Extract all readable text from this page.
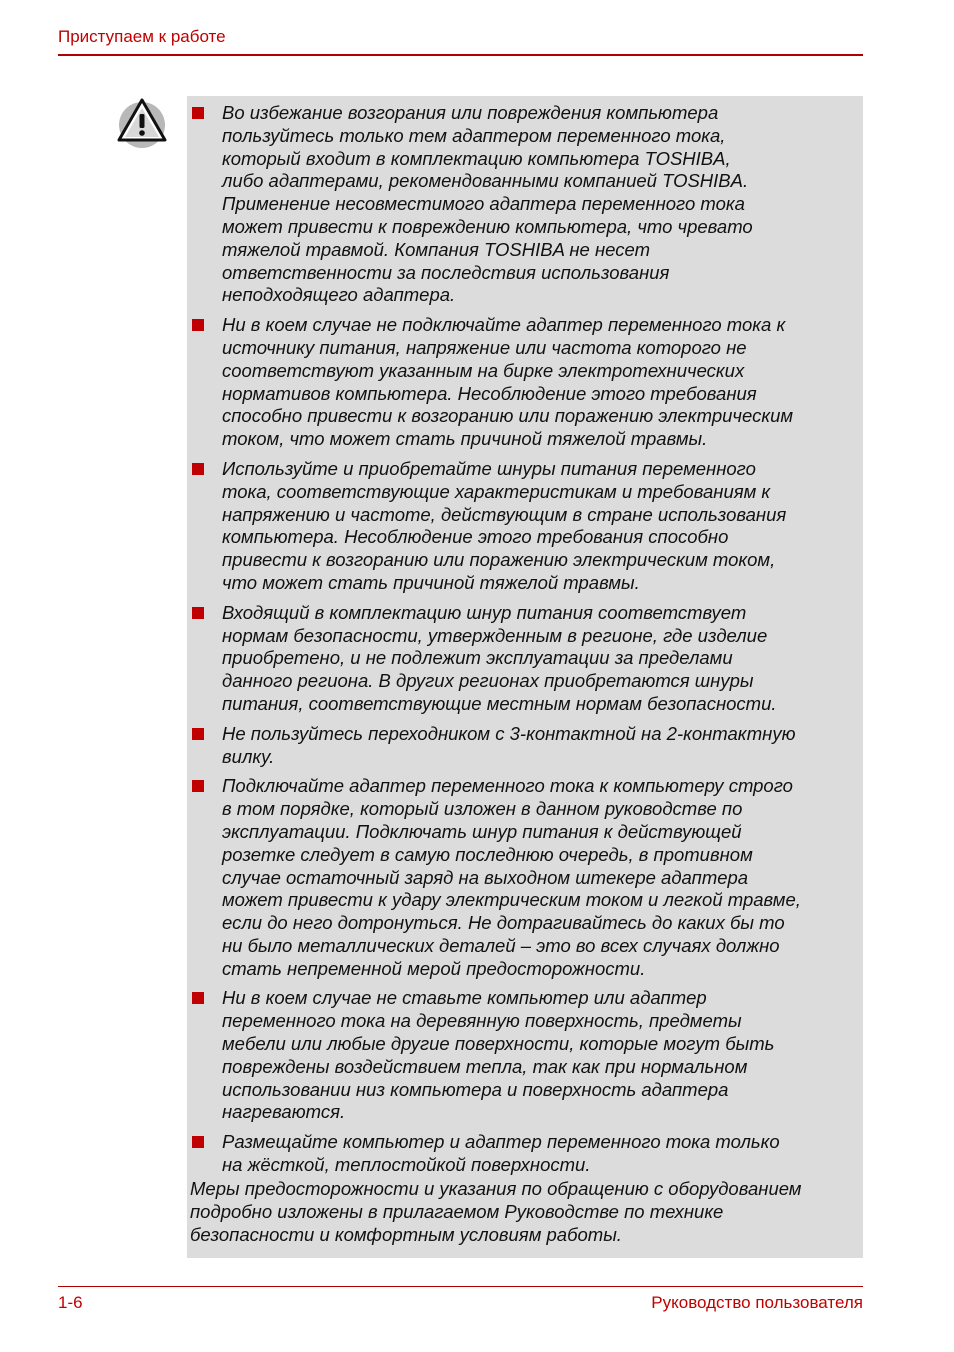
Приступаем к работе
Во избежание возгорания или повреждения компьютера
пользуйтесь только тем адаптером переменного тока,
который входит в комплектацию компьютера TOSHIBA,
либо адаптерами, рекомендованными компанией TOSHIBA.
Применение несовместимого адаптера переменного тока
может привести к повреждению компьютера, что чревато
тяжелой травмой. Компания TOSHIBA не несет
ответственности за последствия использования
неподходящего адаптера.
Ни в коем случае не подключайте адаптер переменного тока к
источнику питания, напряжение или частота которого не
соответствуют указанным на бирке электротехнических
нормативов компьютера. Несоблюдение этого требования
способно привести к возгоранию или поражению электрическим
током, что может стать причиной тяжелой травмы.
Используйте и приобретайте шнуры питания переменного
тока, соответствующие характеристикам и требованиям к
напряжению и частоте, действующим в стране использования
компьютера. Несоблюдение этого требования способно
привести к возгоранию или поражению электрическим током,
что может стать причиной тяжелой травмы.
Входящий в комплектацию шнур питания соответствует
нормам безопасности, утвержденным в регионе, где изделие
приобретено, и не подлежит эксплуатации за пределами
данного региона. В других регионах приобретаются шнуры
питания, соответствующие местным нормам безопасности.
Не пользуйтесь переходником с 3-контактной на 2-контактную
вилку.
Подключайте адаптер переменного тока к компьютеру строго
в том порядке, который изложен в данном руководстве по
эксплуатации. Подключать шнур питания к действующей
розетке следует в самую последнюю очередь, в противном
случае остаточный заряд на выходном штекере адаптера
может привести к удару электрическим током и легкой травме,
если до него дотронуться. Не дотрагивайтесь до каких бы то
ни было металлических деталей – это во всех случаях должно
стать непременной мерой предосторожности.
Ни в коем случае не ставьте компьютер или адаптер
переменного тока на деревянную поверхность, предметы
мебели или любые другие поверхности, которые могут быть
повреждены воздействием тепла, так как при нормальном
использовании низ компьютера и поверхность адаптера
нагреваются.
Размещайте компьютер и адаптер переменного тока только
на жёсткой, теплостойкой поверхности.
Меры предосторожности и указания по обращению с оборудованием
подробно изложены в прилагаемом Руководстве по технике
безопасности и комфортным условиям работы.
1-6	Руководство пользователя
